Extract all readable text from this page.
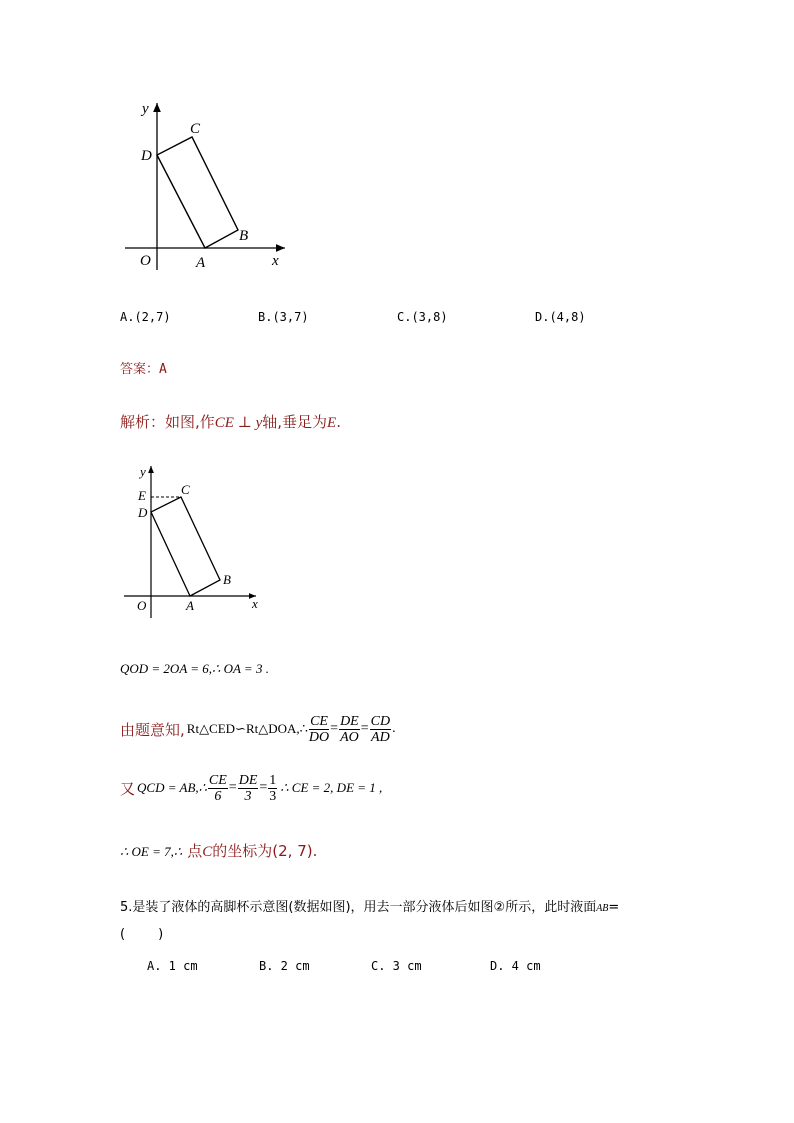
y
x
O	A
B
C
D
A.(2,7)	B.(3,7)	C.(3,8)	D.(4,8)
答案：A
解析：如图,作CE ⊥ y轴,垂足为E.
y
x
O	A
B
C
D
E
QOD = 2OA = 6,∴ OA = 3 .
由题意知, Rt△CED∽Rt△DOA,∴ $\frac{CE}{DO} = \frac{DE}{AO} = \frac{CD}{AD}$ .
又 QCD = AB,∴ $\frac{CE}{6} = \frac{DE}{3} = \frac{1}{3}$ ∴ CE = 2, DE = 1 ,
∴ OE = 7,∴ 点C的坐标为(2, 7).
5.是装了液体的高脚杯示意图(数据如图)，用去一部分液体后如图②所示，此时液面AB=
(        )
A. 1 cm	B. 2 cm	C. 3 cm	D. 4 cm
